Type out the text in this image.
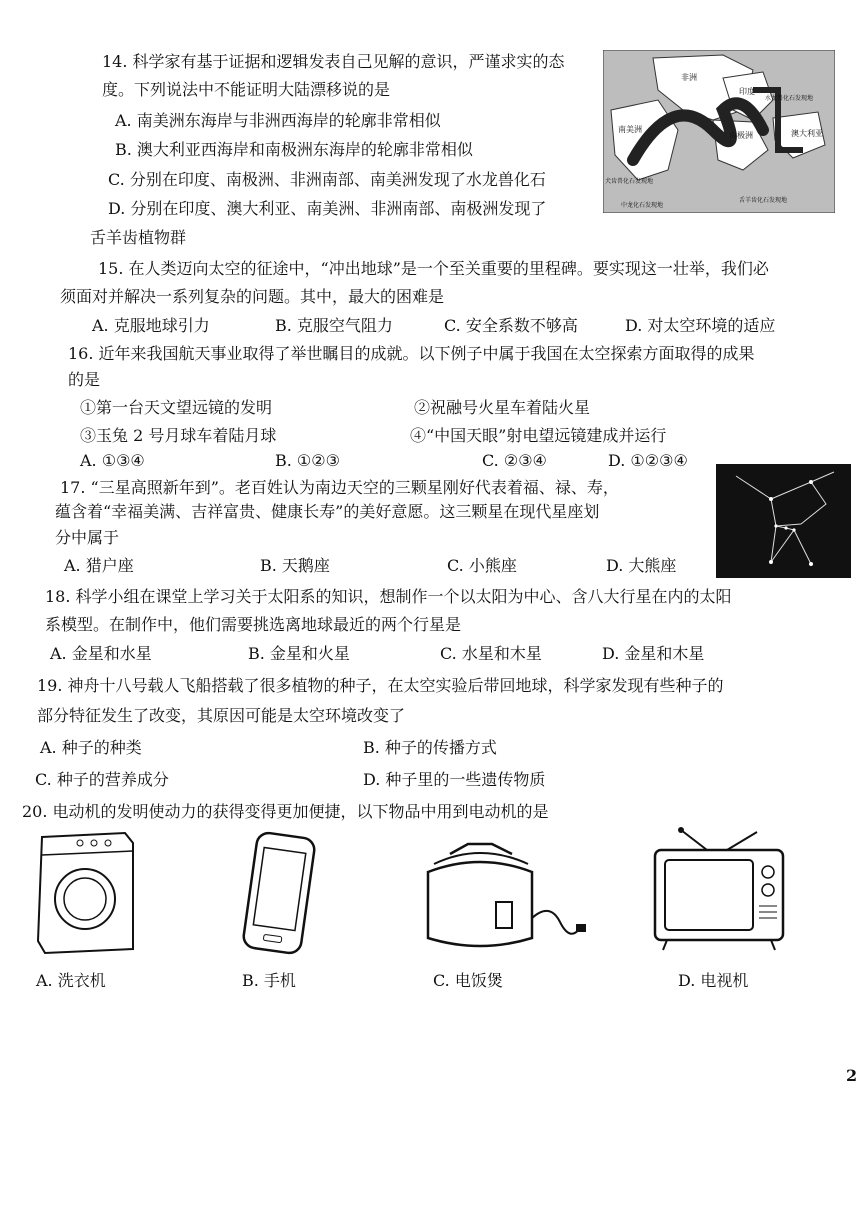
14. 科学家有基于证据和逻辑发表自己见解的意识，严谨求实的态
度。下列说法中不能证明大陆漂移说的是
A. 南美洲东海岸与非洲西海岸的轮廓非常相似
B. 澳大利亚西海岸和南极洲东海岸的轮廓非常相似
C. 分别在印度、南极洲、非洲南部、南美洲发现了水龙兽化石
D. 分别在印度、澳大利亚、南美洲、非洲南部、南极洲发现了
舌羊齿植物群
非洲
印度
南美洲
南极洲	澳大利亚
水龙兽化石发现地
犬齿兽化石发现地
中龙化石发现地
舌羊齿化石发现地
15. 在人类迈向太空的征途中，“冲出地球”是一个至关重要的里程碑。要实现这一壮举，我们必
须面对并解决一系列复杂的问题。其中，最大的困难是
A. 克服地球引力	B. 克服空气阻力	C. 安全系数不够高	D. 对太空环境的适应
16. 近年来我国航天事业取得了举世瞩目的成就。以下例子中属于我国在太空探索方面取得的成果
的是
①第一台天文望远镜的发明	②祝融号火星车着陆火星
③玉兔 2 号月球车着陆月球	④“中国天眼”射电望远镜建成并运行
A. ①③④	B. ①②③	C. ②③④	D. ①②③④
17. “三星高照新年到”。老百姓认为南边天空的三颗星刚好代表着福、禄、寿，
蕴含着“幸福美满、吉祥富贵、健康长寿”的美好意愿。这三颗星在现代星座划
分中属于
A. 猎户座	B. 天鹅座	C. 小熊座	D. 大熊座
18. 科学小组在课堂上学习关于太阳系的知识，想制作一个以太阳为中心、含八大行星在内的太阳
系模型。在制作中，他们需要挑选离地球最近的两个行星是
A. 金星和水星	B. 金星和火星	C. 水星和木星	D. 金星和木星
19. 神舟十八号载人飞船搭载了很多植物的种子，在太空实验后带回地球，科学家发现有些种子的
部分特征发生了改变，其原因可能是太空环境改变了
A. 种子的种类	B. 种子的传播方式
C. 种子的营养成分	D. 种子里的一些遗传物质
20. 电动机的发明使动力的获得变得更加便捷，以下物品中用到电动机的是
A. 洗衣机	B. 手机	C. 电饭煲	D. 电视机
2
